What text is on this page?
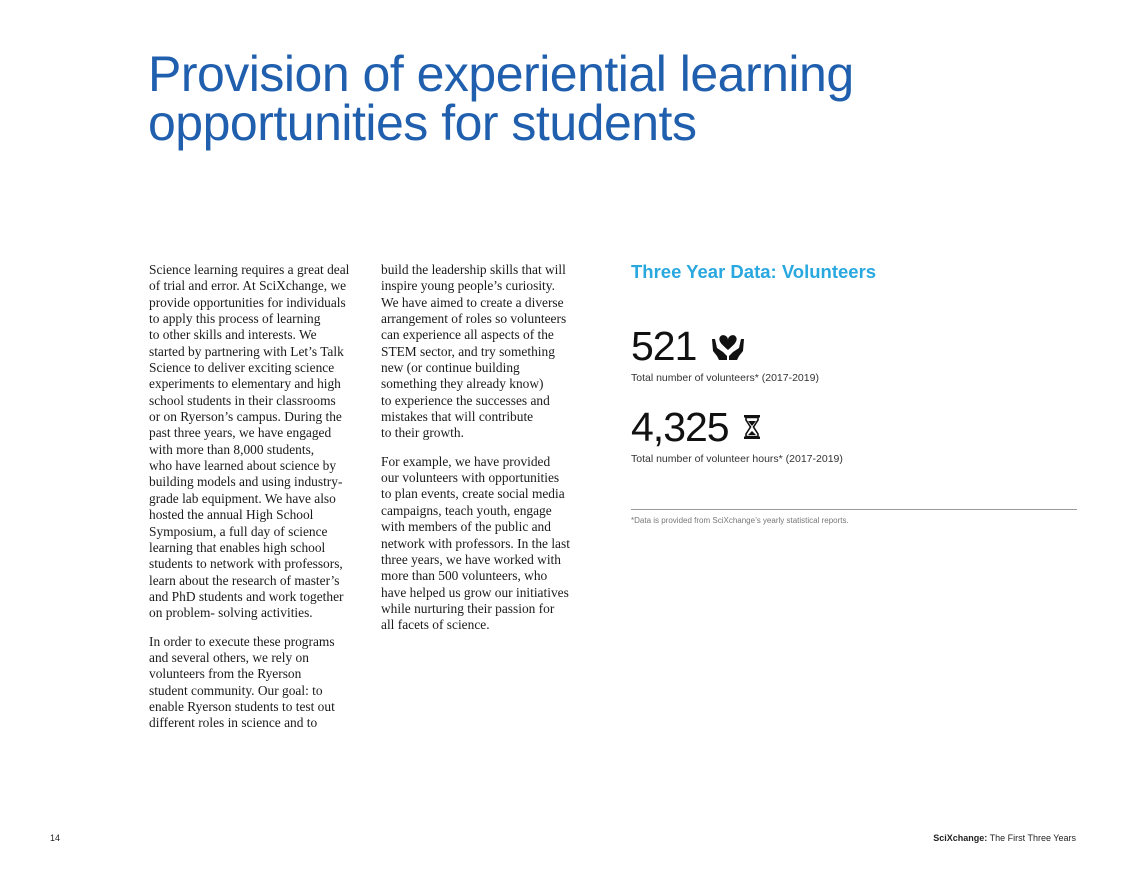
Provision of experiential learning
opportunities for students

Science learning requires a great deal
of trial and error. At SciXchange, we
provide opportunities for individuals
to apply this process of learning
to other skills and interests. We
started by partnering with Let’s Talk
Science to deliver exciting science
experiments to elementary and high
school students in their classrooms
or on Ryerson’s campus. During the
past three years, we have engaged
with more than 8,000 students,
who have learned about science by
building models and using industry-
grade lab equipment. We have also
hosted the annual High School
Symposium, a full day of science
learning that enables high school
students to network with professors,
learn about the research of master’s
and PhD students and work together
on problem- solving activities.

In order to execute these programs
and several others, we rely on
volunteers from the Ryerson
student community. Our goal: to
enable Ryerson students to test out
different roles in science and to

build the leadership skills that will
inspire young people’s curiosity.
We have aimed to create a diverse
arrangement of roles so volunteers
can experience all aspects of the
STEM sector, and try something
new (or continue building
something they already know)
to experience the successes and
mistakes that will contribute
to their growth.

For example, we have provided
our volunteers with opportunities
to plan events, create social media
campaigns, teach youth, engage
with members of the public and
network with professors. In the last
three years, we have worked with
more than 500 volunteers, who
have helped us grow our initiatives
while nurturing their passion for
all facets of science.

Three Year Data: Volunteers
521
Total number of volunteers* (2017-2019)
4,325
Total number of volunteer hours* (2017-2019)
*Data is provided from SciXchange’s yearly statistical reports.
14	SciXchange: The First Three Years
